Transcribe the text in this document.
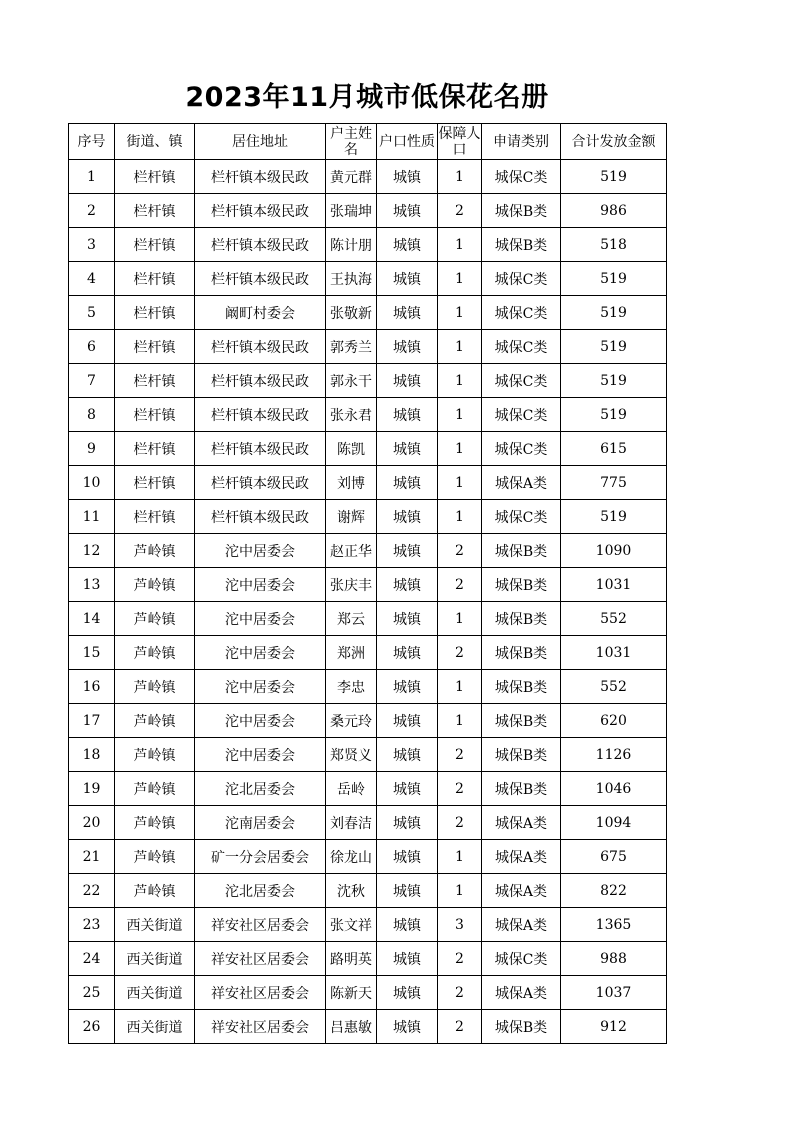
2023年11月城市低保花名册
序号	街道、镇	居住地址	户主姓名	户口性质	保障人口	申请类别	合计发放金额
1	栏杆镇	栏杆镇本级民政	黄元群	城镇	1	城保C类	519
2	栏杆镇	栏杆镇本级民政	张瑞坤	城镇	2	城保B类	986
3	栏杆镇	栏杆镇本级民政	陈计朋	城镇	1	城保B类	518
4	栏杆镇	栏杆镇本级民政	王执海	城镇	1	城保C类	519
5	栏杆镇	阚町村委会	张敬新	城镇	1	城保C类	519
6	栏杆镇	栏杆镇本级民政	郭秀兰	城镇	1	城保C类	519
7	栏杆镇	栏杆镇本级民政	郭永干	城镇	1	城保C类	519
8	栏杆镇	栏杆镇本级民政	张永君	城镇	1	城保C类	519
9	栏杆镇	栏杆镇本级民政	陈凯	城镇	1	城保C类	615
10	栏杆镇	栏杆镇本级民政	刘博	城镇	1	城保A类	775
11	栏杆镇	栏杆镇本级民政	谢辉	城镇	1	城保C类	519
12	芦岭镇	沱中居委会	赵正华	城镇	2	城保B类	1090
13	芦岭镇	沱中居委会	张庆丰	城镇	2	城保B类	1031
14	芦岭镇	沱中居委会	郑云	城镇	1	城保B类	552
15	芦岭镇	沱中居委会	郑洲	城镇	2	城保B类	1031
16	芦岭镇	沱中居委会	李忠	城镇	1	城保B类	552
17	芦岭镇	沱中居委会	桑元玲	城镇	1	城保B类	620
18	芦岭镇	沱中居委会	郑贤义	城镇	2	城保B类	1126
19	芦岭镇	沱北居委会	岳岭	城镇	2	城保B类	1046
20	芦岭镇	沱南居委会	刘春洁	城镇	2	城保A类	1094
21	芦岭镇	矿一分会居委会	徐龙山	城镇	1	城保A类	675
22	芦岭镇	沱北居委会	沈秋	城镇	1	城保A类	822
23	西关街道	祥安社区居委会	张文祥	城镇	3	城保A类	1365
24	西关街道	祥安社区居委会	路明英	城镇	2	城保C类	988
25	西关街道	祥安社区居委会	陈新天	城镇	2	城保A类	1037
26	西关街道	祥安社区居委会	吕惠敏	城镇	2	城保B类	912
